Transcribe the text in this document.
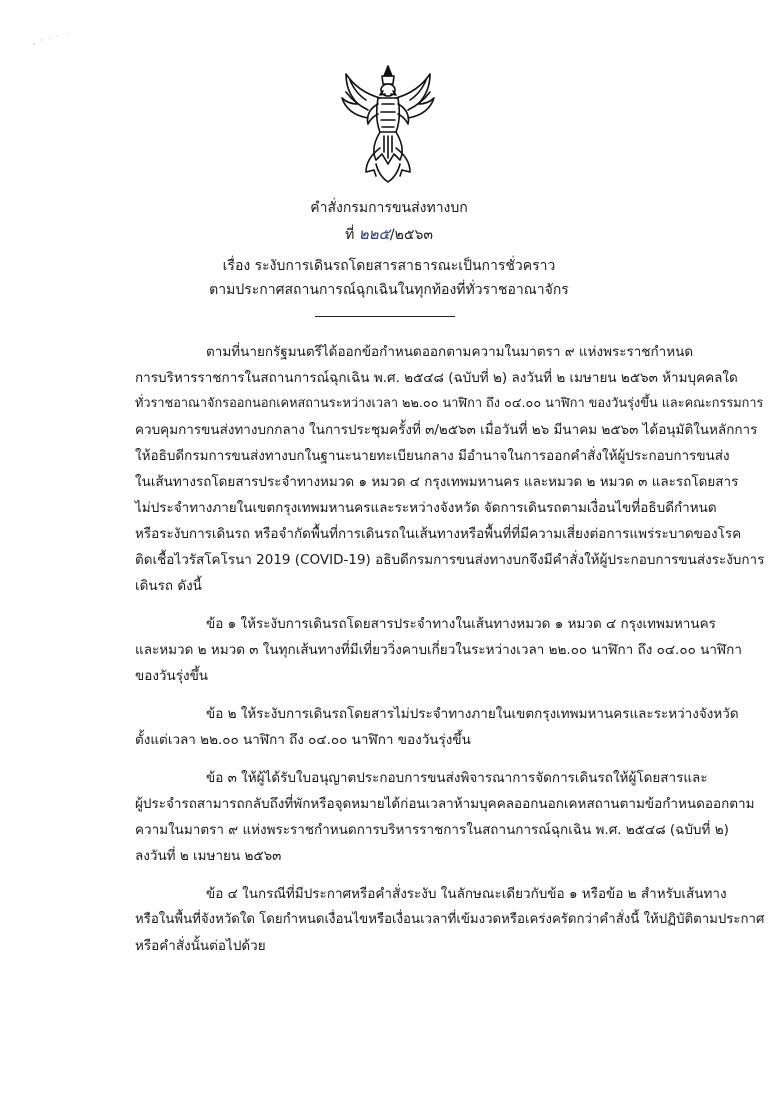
คำสั่งกรมการขนส่งทางบก
ที่ ๒๒๕/๒๕๖๓
เรื่อง ระงับการเดินรถโดยสารสาธารณะเป็นการชั่วคราว
ตามประกาศสถานการณ์ฉุกเฉินในทุกท้องที่ทั่วราชอาณาจักร
ตามที่นายกรัฐมนตรีได้ออกข้อกำหนดออกตามความในมาตรา ๙ แห่งพระราชกำหนด
การบริหารราชการในสถานการณ์ฉุกเฉิน พ.ศ. ๒๕๔๘ (ฉบับที่ ๒) ลงวันที่ ๒ เมษายน ๒๕๖๓ ห้ามบุคคลใด
ทั่วราชอาณาจักรออกนอกเคหสถานระหว่างเวลา ๒๒.๐๐ นาฬิกา ถึง ๐๔.๐๐ นาฬิกา ของวันรุ่งขึ้น และคณะกรรมการ
ควบคุมการขนส่งทางบกกลาง ในการประชุมครั้งที่ ๓/๒๕๖๓ เมื่อวันที่ ๒๖ มีนาคม ๒๕๖๓ ได้อนุมัติในหลักการ
ให้อธิบดีกรมการขนส่งทางบกในฐานะนายทะเบียนกลาง มีอำนาจในการออกคำสั่งให้ผู้ประกอบการขนส่ง
ในเส้นทางรถโดยสารประจำทางหมวด ๑ หมวด ๔ กรุงเทพมหานคร และหมวด ๒ หมวด ๓ และรถโดยสาร
ไม่ประจำทางภายในเขตกรุงเทพมหานครและระหว่างจังหวัด จัดการเดินรถตามเงื่อนไขที่อธิบดีกำหนด
หรือระงับการเดินรถ หรือจำกัดพื้นที่การเดินรถในเส้นทางหรือพื้นที่ที่มีความเสี่ยงต่อการแพร่ระบาดของโรค
ติดเชื้อไวรัสโคโรนา 2019 (COVID-19) อธิบดีกรมการขนส่งทางบกจึงมีคำสั่งให้ผู้ประกอบการขนส่งระงับการ
เดินรถ ดังนี้
ข้อ ๑ ให้ระงับการเดินรถโดยสารประจำทางในเส้นทางหมวด ๑ หมวด ๔ กรุงเทพมหานคร
และหมวด ๒ หมวด ๓ ในทุกเส้นทางที่มีเที่ยววิ่งคาบเกี่ยวในระหว่างเวลา ๒๒.๐๐ นาฬิกา ถึง ๐๔.๐๐ นาฬิกา
ของวันรุ่งขึ้น
ข้อ ๒ ให้ระงับการเดินรถโดยสารไม่ประจำทางภายในเขตกรุงเทพมหานครและระหว่างจังหวัด
ตั้งแต่เวลา ๒๒.๐๐ นาฬิกา ถึง ๐๔.๐๐ นาฬิกา ของวันรุ่งขึ้น
ข้อ ๓ ให้ผู้ได้รับใบอนุญาตประกอบการขนส่งพิจารณาการจัดการเดินรถให้ผู้โดยสารและ
ผู้ประจำรถสามารถกลับถึงที่พักหรือจุดหมายได้ก่อนเวลาห้ามบุคคลออกนอกเคหสถานตามข้อกำหนดออกตาม
ความในมาตรา ๙ แห่งพระราชกำหนดการบริหารราชการในสถานการณ์ฉุกเฉิน พ.ศ. ๒๕๔๘ (ฉบับที่ ๒)
ลงวันที่ ๒ เมษายน ๒๕๖๓
ข้อ ๔ ในกรณีที่มีประกาศหรือคำสั่งระงับ ในลักษณะเดียวกับข้อ ๑ หรือข้อ ๒ สำหรับเส้นทาง
หรือในพื้นที่จังหวัดใด โดยกำหนดเงื่อนไขหรือเงื่อนเวลาที่เข้มงวดหรือเคร่งครัดกว่าคำสั่งนี้ ให้ปฏิบัติตามประกาศ
หรือคำสั่งนั้นต่อไปด้วย
